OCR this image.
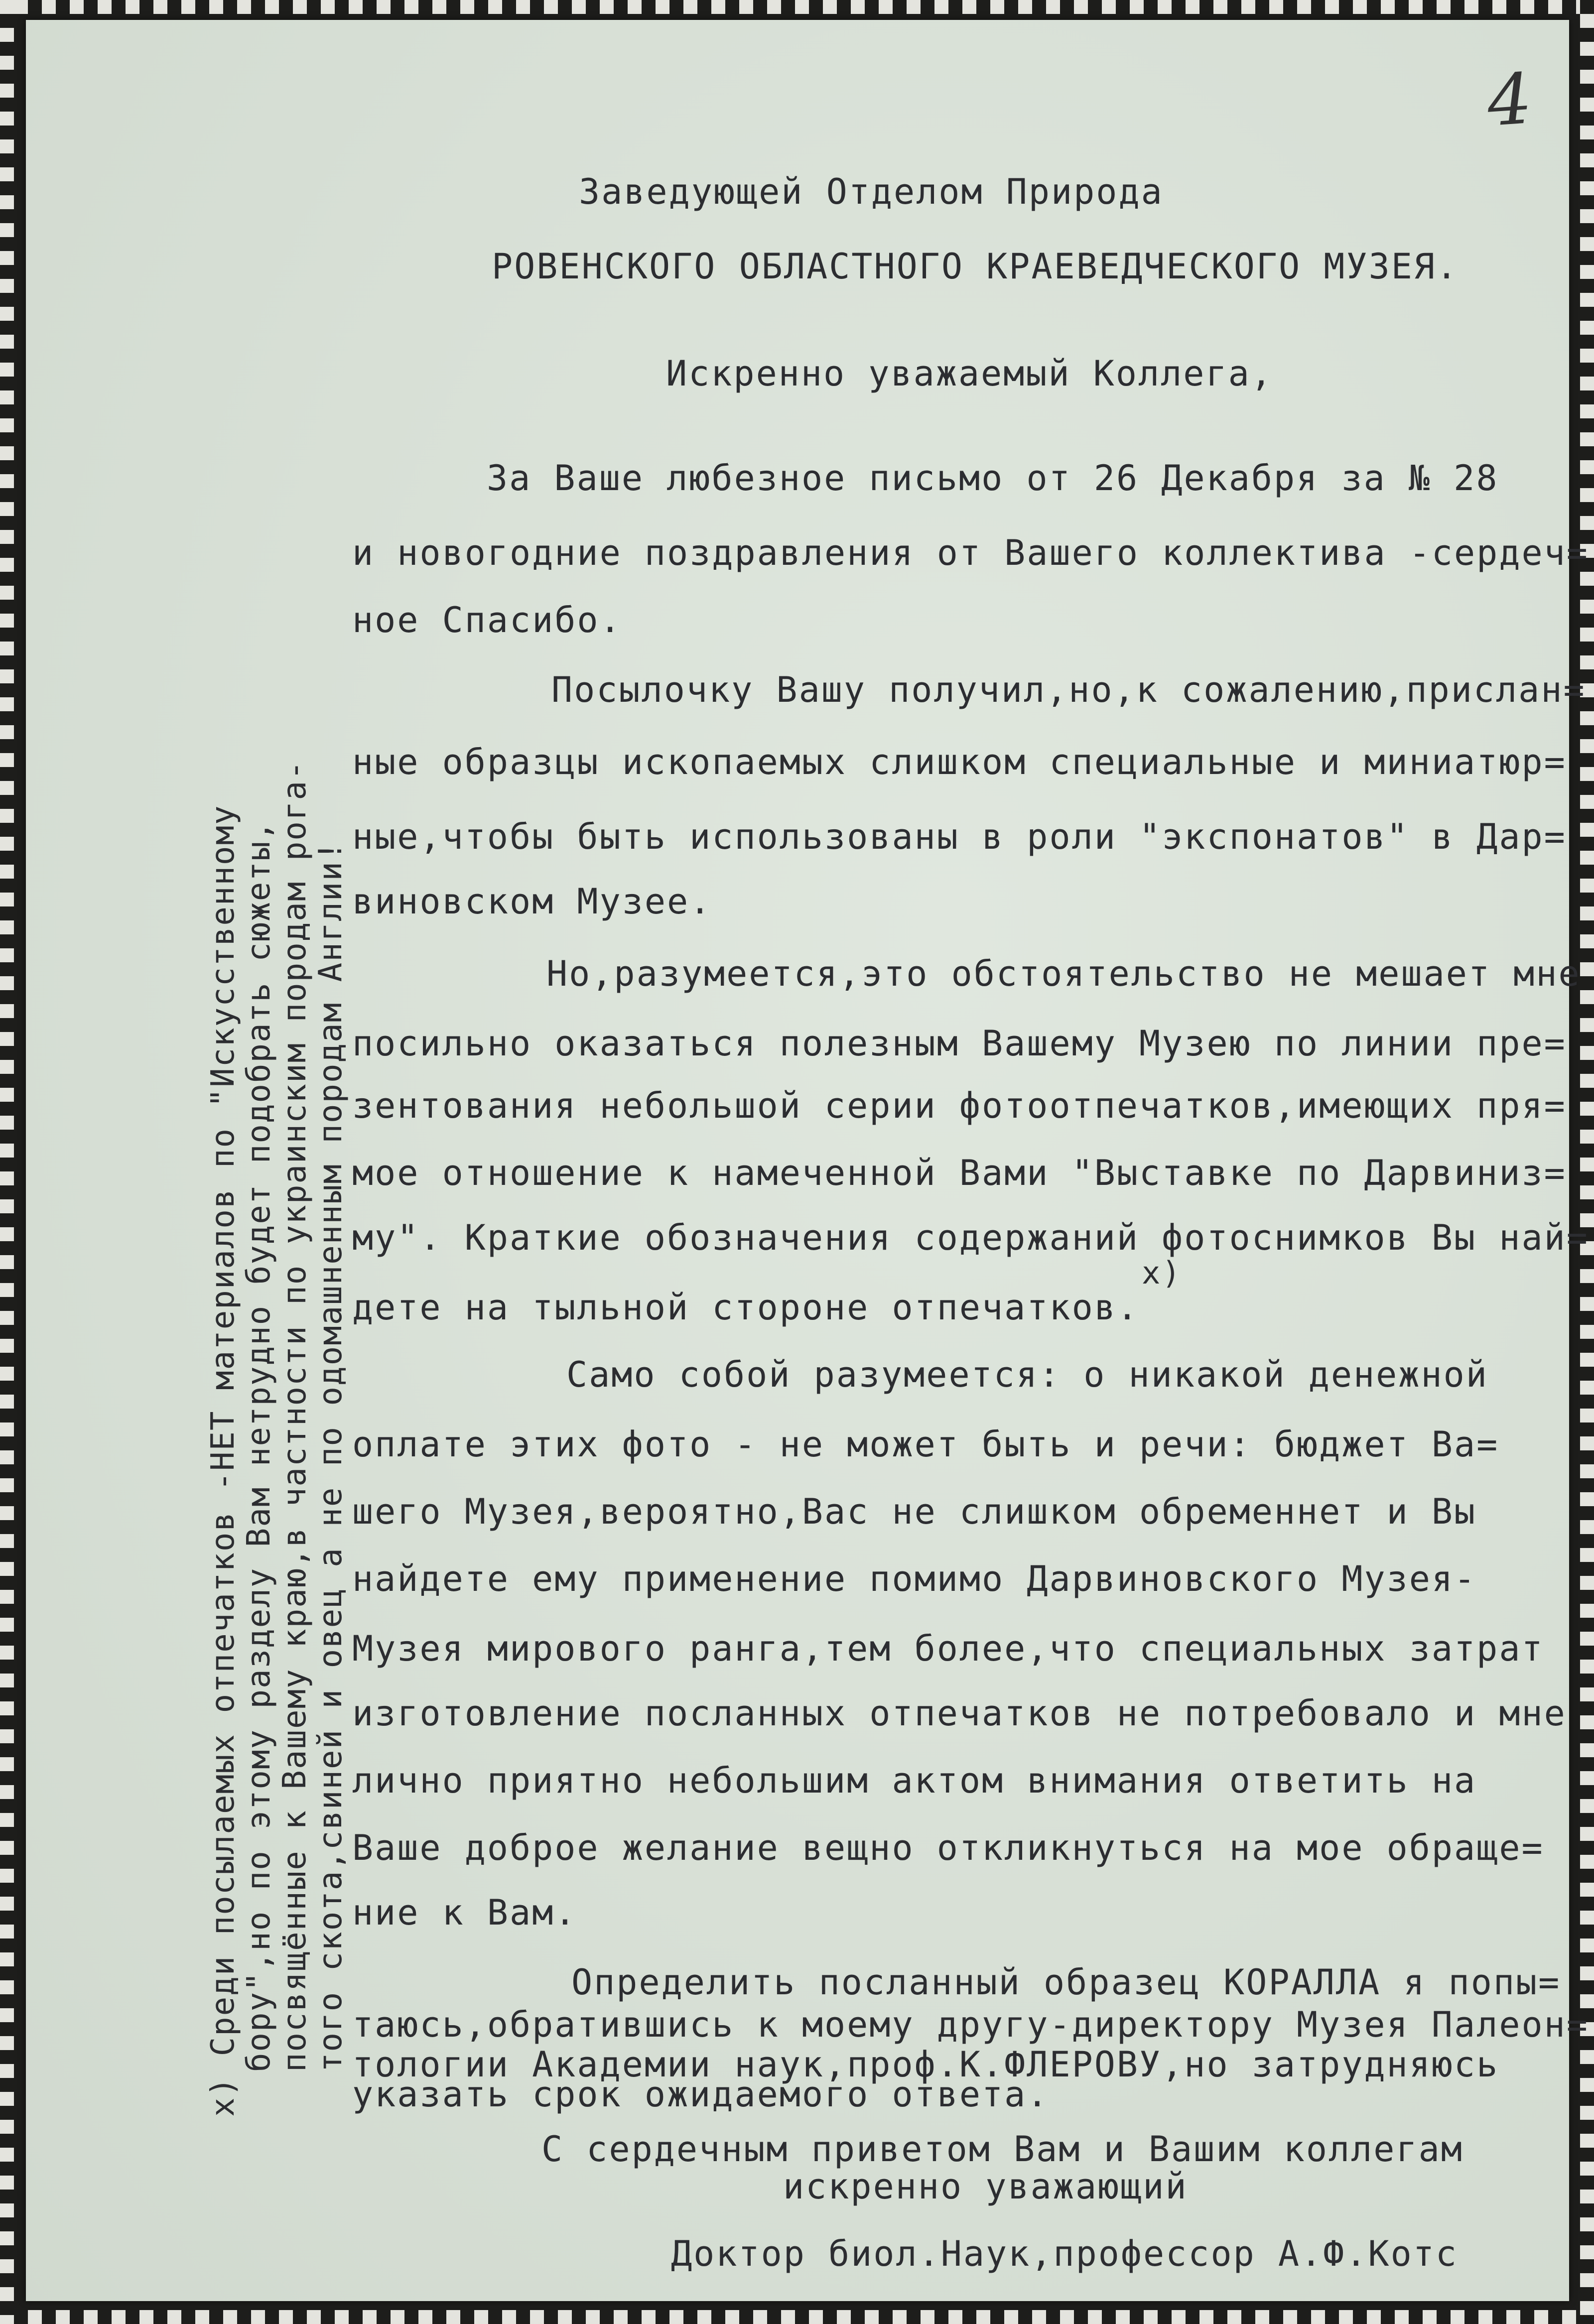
4
Заведующей Отделом Природа
РОВЕНСКОГО ОБЛАСТНОГО КРАЕВЕДЧЕСКОГО МУЗЕЯ.
Искренно уважаемый Коллега,
За Ваше любезное письмо от 26 Декабря за № 28
и новогодние поздравления от Вашего коллектива -сердеч=
ное Спасибо.
Посылочку Вашу получил,но,к сожалению,прислан=
ные образцы ископаемых слишком специальные и миниатюр=
ные,чтобы быть использованы в роли "экспонатов" в Дар=
виновском Музее.
Но,разумеется,это обстоятельство не мешает мне
посильно оказаться полезным Вашему Музею по линии пре=
зентования небольшой серии фотоотпечатков,имеющих пря=
мое отношение к намеченной Вами "Выставке по Дарвиниз=
му". Краткие обозначения содержаний фотоснимков Вы най=
x)
дете на тыльной стороне отпечатков.
Само собой разумеется: о никакой денежной
оплате этих фото - не может быть и речи: бюджет Ва=
шего Музея,вероятно,Вас не слишком обременнет и Вы
найдете ему применение помимо Дарвиновского Музея-
Музея мирового ранга,тем более,что специальных затрат
изготовление посланных отпечатков не потребовало и мне
лично приятно небольшим актом внимания ответить на
Ваше доброе желание вещно откликнуться на мое обраще=
ние к Вам.
Определить посланный образец КОРАЛЛА я попы=
таюсь,обратившись к моему другу-директору Музея Палеон=
тологии Академии наук,проф.К.ФЛЕРОВУ,но затрудняюсь
указать срок ожидаемого ответа.
С сердечным приветом Вам и Вашим коллегам
искренно уважающий
Доктор биол.Наук,профессор А.Ф.Котс
x) Среди посылаемых отпечатков -НЕТ материалов по "Искусственному
бору",но по этому разделу Вам нетрудно будет подобрать сюжеты,
посвящённые к Вашему краю,в частности по украинским породам рога-
того скота,свиней и овец а не по одомашненным породам Англии!
